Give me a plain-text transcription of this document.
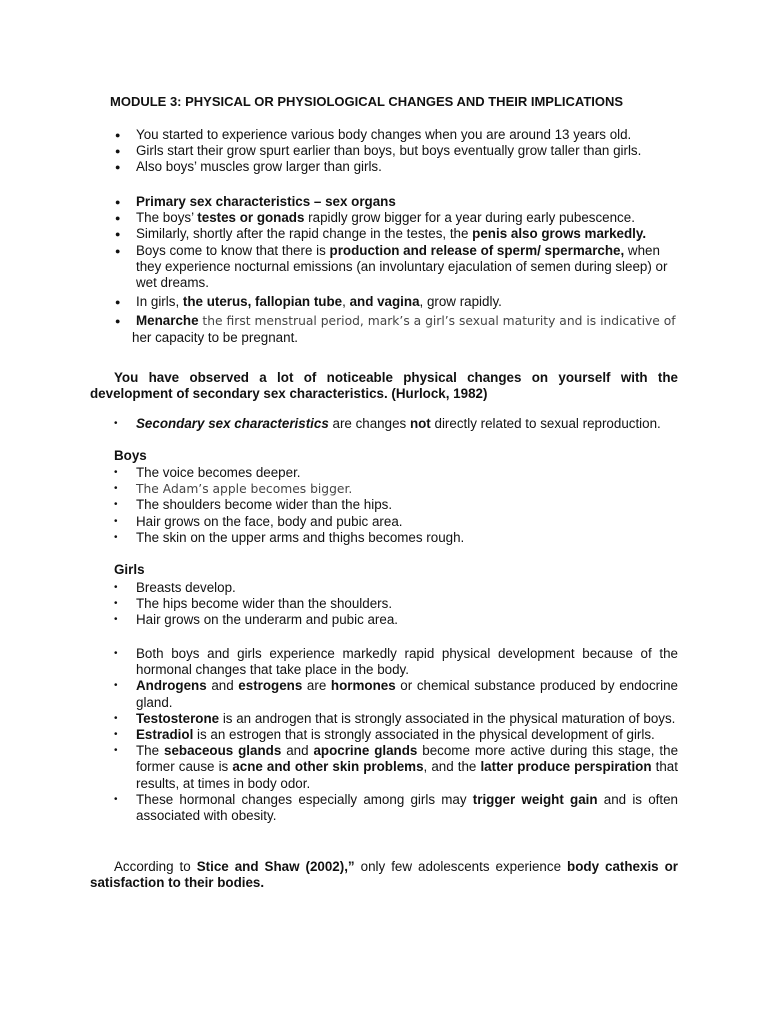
MODULE 3: PHYSICAL OR PHYSIOLOGICAL CHANGES AND THEIR IMPLICATIONS
● You started to experience various body changes when you are around 13 years old.
● Girls start their grow spurt earlier than boys, but boys eventually grow taller than girls.
● Also boys’ muscles grow larger than girls.
● Primary sex characteristics – sex organs
● The boys’ testes or gonads rapidly grow bigger for a year during early pubescence.
● Similarly, shortly after the rapid change in the testes, the penis also grows markedly.
● Boys come to know that there is production and release of sperm/ spermarche, when they experience nocturnal emissions (an involuntary ejaculation of semen during sleep) or wet dreams.
● In girls, the uterus, fallopian tube, and vagina, grow rapidly.
● Menarche the first menstrual period, mark’s a girl’s sexual maturity and is indicative of
her capacity to be pregnant.

You have observed a lot of noticeable physical changes on yourself with the development of secondary sex characteristics. (Hurlock, 1982)

• Secondary sex characteristics are changes not directly related to sexual reproduction.

Boys

• The voice becomes deeper.
• The Adam’s apple becomes bigger.
• The shoulders become wider than the hips.
• Hair grows on the face, body and pubic area.
• The skin on the upper arms and thighs becomes rough.

Girls

• Breasts develop.
• The hips become wider than the shoulders.
• Hair grows on the underarm and pubic area.
• Both boys and girls experience markedly rapid physical development because of the hormonal changes that take place in the body.
• Androgens and estrogens are hormones or chemical substance produced by endocrine gland.
• Testosterone is an androgen that is strongly associated in the physical maturation of boys.
• Estradiol is an estrogen that is strongly associated in the physical development of girls.
• The sebaceous glands and apocrine glands become more active during this stage, the former cause is acne and other skin problems, and the latter produce perspiration that results, at times in body odor.
• These hormonal changes especially among girls may trigger weight gain and is often associated with obesity.

According to Stice and Shaw (2002),” only few adolescents experience body cathexis or satisfaction to their bodies.
